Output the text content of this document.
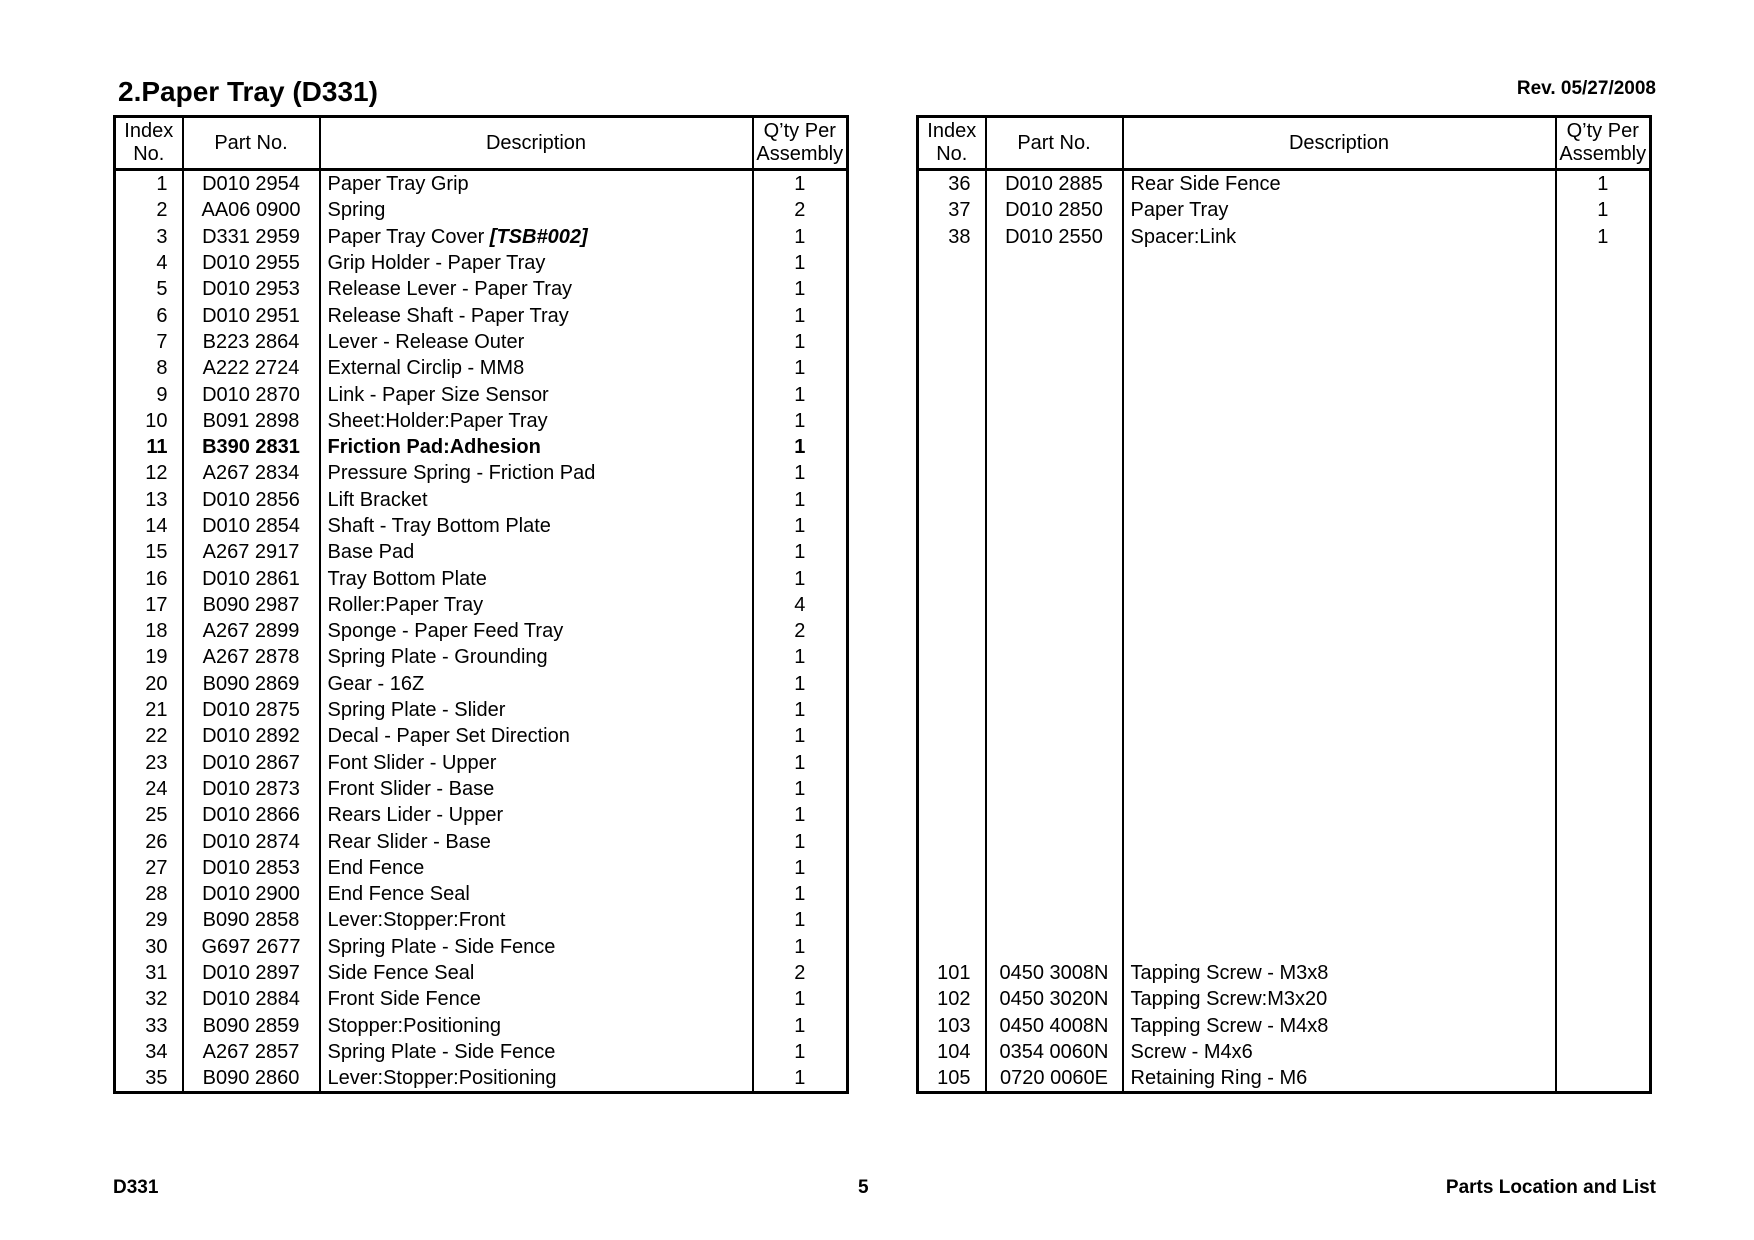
2.Paper Tray (D331)	Rev. 05/27/2008
Index
No.	Part No.	Description	Q’ty Per
Assembly
1	D010 2954	Paper Tray Grip	1
2	AA06 0900	Spring	2
3	D331 2959	Paper Tray Cover [TSB#002]	1
4	D010 2955	Grip Holder - Paper Tray	1
5	D010 2953	Release Lever - Paper Tray	1
6	D010 2951	Release Shaft - Paper Tray	1
7	B223 2864	Lever - Release Outer	1
8	A222 2724	External Circlip - MM8	1
9	D010 2870	Link - Paper Size Sensor	1
10	B091 2898	Sheet:Holder:Paper Tray	1
11	B390 2831	Friction Pad:Adhesion	1
12	A267 2834	Pressure Spring - Friction Pad	1
13	D010 2856	Lift Bracket	1
14	D010 2854	Shaft - Tray Bottom Plate	1
15	A267 2917	Base Pad	1
16	D010 2861	Tray Bottom Plate	1
17	B090 2987	Roller:Paper Tray	4
18	A267 2899	Sponge - Paper Feed Tray	2
19	A267 2878	Spring Plate - Grounding	1
20	B090 2869	Gear - 16Z	1
21	D010 2875	Spring Plate - Slider	1
22	D010 2892	Decal - Paper Set Direction	1
23	D010 2867	Font Slider - Upper	1
24	D010 2873	Front Slider - Base	1
25	D010 2866	Rears Lider - Upper	1
26	D010 2874	Rear Slider - Base	1
27	D010 2853	End Fence	1
28	D010 2900	End Fence Seal	1
29	B090 2858	Lever:Stopper:Front	1
30	G697 2677	Spring Plate - Side Fence	1
31	D010 2897	Side Fence Seal	2
32	D010 2884	Front Side Fence	1
33	B090 2859	Stopper:Positioning	1
34	A267 2857	Spring Plate - Side Fence	1
35	B090 2860	Lever:Stopper:Positioning	1
Index
No.	Part No.	Description	Q’ty Per
Assembly
36	D010 2885	Rear Side Fence	1
37	D010 2850	Paper Tray	1
38	D010 2550	Spacer:Link	1

101	0450 3008N	Tapping Screw - M3x8	
102	0450 3020N	Tapping Screw:M3x20	
103	0450 4008N	Tapping Screw - M4x8	
104	0354 0060N	Screw - M4x6	
105	0720 0060E	Retaining Ring - M6	
D331	5	Parts Location and List
